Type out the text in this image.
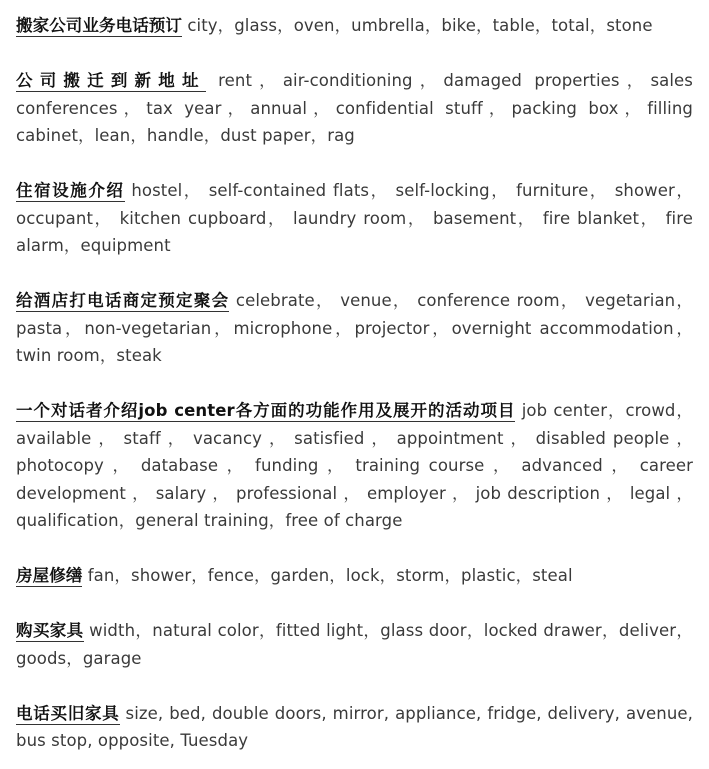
搬家公司业务电话预订 city，glass，oven，umbrella，bike，table，total，stone

公司搬迁到新地址 rent，air-conditioning，damaged properties，sales conferences，tax year，annual，confidential stuff，packing box，filling cabinet，lean，handle，dust paper，rag

住宿设施介绍 hostel， self-contained flats， self-locking， furniture， shower， occupant， kitchen cupboard， laundry room， basement， fire blanket， fire alarm，equipment

给酒店打电话商定预定聚会 celebrate， venue， conference room， vegetarian， pasta，non-vegetarian，microphone，projector，overnight accommodation，twin room，steak

一个对话者介绍job center各方面的功能作用及展开的活动项目 job center，crowd，available ， staff ， vacancy ， satisfied ， appointment ， disabled people ， photocopy ， database ， funding ， training course ， advanced ， career development ， salary ， professional ， employer ， job description ， legal ， qualification，general training，free of charge

房屋修缮 fan，shower，fence，garden，lock，storm，plastic，steal

购买家具 width，natural color，fitted light，glass door，locked drawer，deliver，goods，garage

电话买旧家具 size, bed, double doors, mirror, appliance, fridge, delivery, avenue, bus stop, opposite, Tuesday
